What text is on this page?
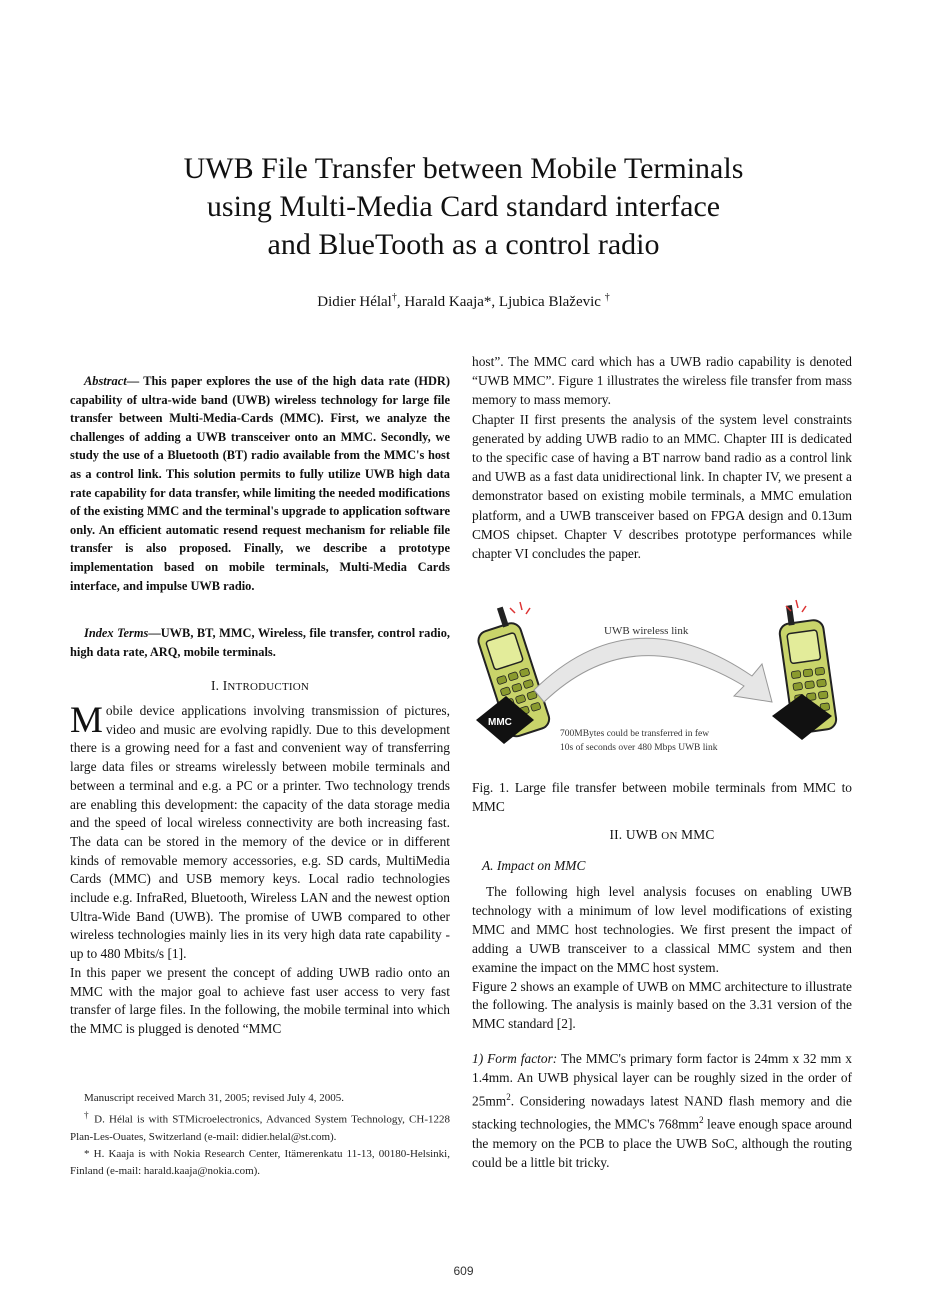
UWB File Transfer between Mobile Terminals
using Multi-Media Card standard interface
and BlueTooth as a control radio
Didier Hélal†, Harald Kaaja*, Ljubica Blaževic †
Abstract— This paper explores the use of the high data rate (HDR) capability of ultra-wide band (UWB) wireless technology for large file transfer between Multi-Media-Cards (MMC). First, we analyze the challenges of adding a UWB transceiver onto an MMC. Secondly, we study the use of a Bluetooth (BT) radio available from the MMC's host as a control link. This solution permits to fully utilize UWB high data rate capability for data transfer, while limiting the needed modifications of the existing MMC and the terminal's upgrade to application software only. An efficient automatic resend request mechanism for reliable file transfer is also proposed. Finally, we describe a prototype implementation based on mobile terminals, Multi-Media Cards interface, and impulse UWB radio.
Index Terms—UWB, BT, MMC, Wireless, file transfer, control radio, high data rate, ARQ, mobile terminals.
I. INTRODUCTION

Mobile device applications involving transmission of pictures, video and music are evolving rapidly. Due to this development there is a growing need for a fast and convenient way of transferring large data files or streams wirelessly between mobile terminals and between a terminal and e.g. a PC or a printer. Two technology trends are enabling this development: the capacity of the data storage media and the speed of local wireless connectivity are both increasing fast. The data can be stored in the memory of the device or in different kinds of removable memory accessories, e.g. SD cards, MultiMedia Cards (MMC) and USB memory keys. Local radio technologies include e.g. InfraRed, Bluetooth, Wireless LAN and the newest option Ultra-Wide Band (UWB). The promise of UWB compared to other wireless technologies mainly lies in its very high data rate capability - up to 480 Mbits/s [1].

In this paper we present the concept of adding UWB radio onto an MMC with the major goal to achieve fast user access to very fast transfer of large files. In the following, the mobile terminal into which the MMC is plugged is denoted “MMC

Manuscript received March 31, 2005; revised July 4, 2005.

† D. Hélal is with STMicroelectronics, Advanced System Technology, CH-1228 Plan-Les-Ouates, Switzerland (e-mail: didier.helal@st.com).

* H. Kaaja is with Nokia Research Center, Itämerenkatu 11-13, 00180-Helsinki, Finland (e-mail: harald.kaaja@nokia.com).

host”. The MMC card which has a UWB radio capability is denoted “UWB MMC”. Figure 1 illustrates the wireless file transfer from mass memory to mass memory.

Chapter II first presents the analysis of the system level constraints generated by adding UWB radio to an MMC. Chapter III is dedicated to the specific case of having a BT narrow band radio as a control link and UWB as a fast data unidirectional link. In chapter IV, we present a demonstrator based on existing mobile terminals, a MMC emulation platform, and a UWB transceiver based on FPGA design and 0.13um CMOS chipset. Chapter V describes prototype performances while chapter VI concludes the paper.

MMC
UWB wireless link
700MBytes could be transferred in few
10s of seconds over 480 Mbps UWB link
Fig. 1. Large file transfer between mobile terminals from MMC to MMC
II. UWB ON MMC
A. Impact on MMC

The following high level analysis focuses on enabling UWB technology with a minimum of low level modifications of existing MMC and MMC host technologies. We first present the impact of adding a UWB transceiver to a classical MMC system and then examine the impact on the MMC host system.

Figure 2 shows an example of UWB on MMC architecture to illustrate the following. The analysis is mainly based on the 3.31 version of the MMC standard [2].

1) Form factor: The MMC's primary form factor is 24mm x 32 mm x 1.4mm. An UWB physical layer can be roughly sized in the order of $25mm^2$. Considering nowadays latest NAND flash memory and die stacking technologies, the MMC's $768mm^2$ leave enough space around the memory on the PCB to place the UWB SoC, although the routing could be a little bit tricky.

609
